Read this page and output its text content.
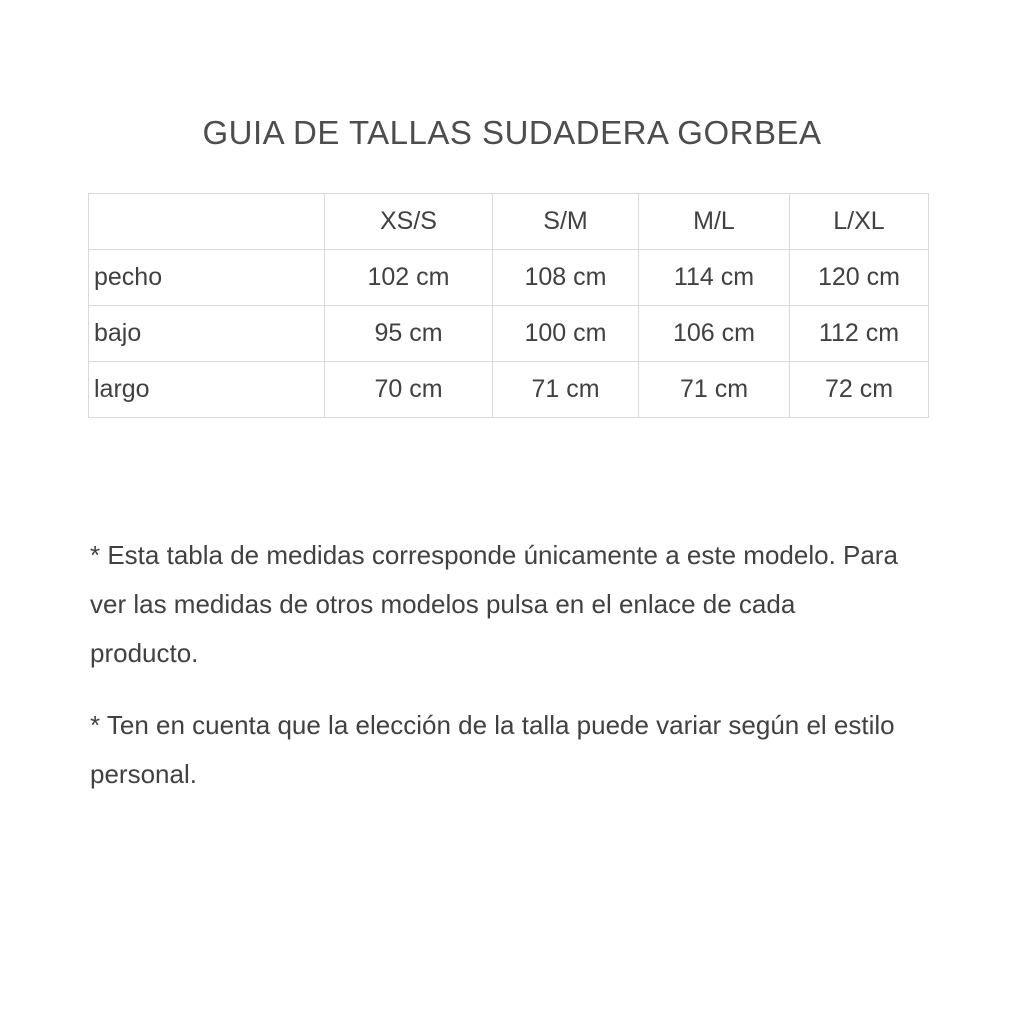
GUIA DE TALLAS SUDADERA GORBEA
	XS/S	S/M	M/L	L/XL
pecho	102 cm	108 cm	114 cm	120 cm
bajo	95 cm	100 cm	106 cm	112 cm
largo	70 cm	71 cm	71 cm	72 cm

* Esta tabla de medidas corresponde únicamente a este modelo. Para ver las medidas de otros modelos pulsa en el enlace de cada producto.

* Ten en cuenta que la elección de la talla puede variar según el estilo personal.
